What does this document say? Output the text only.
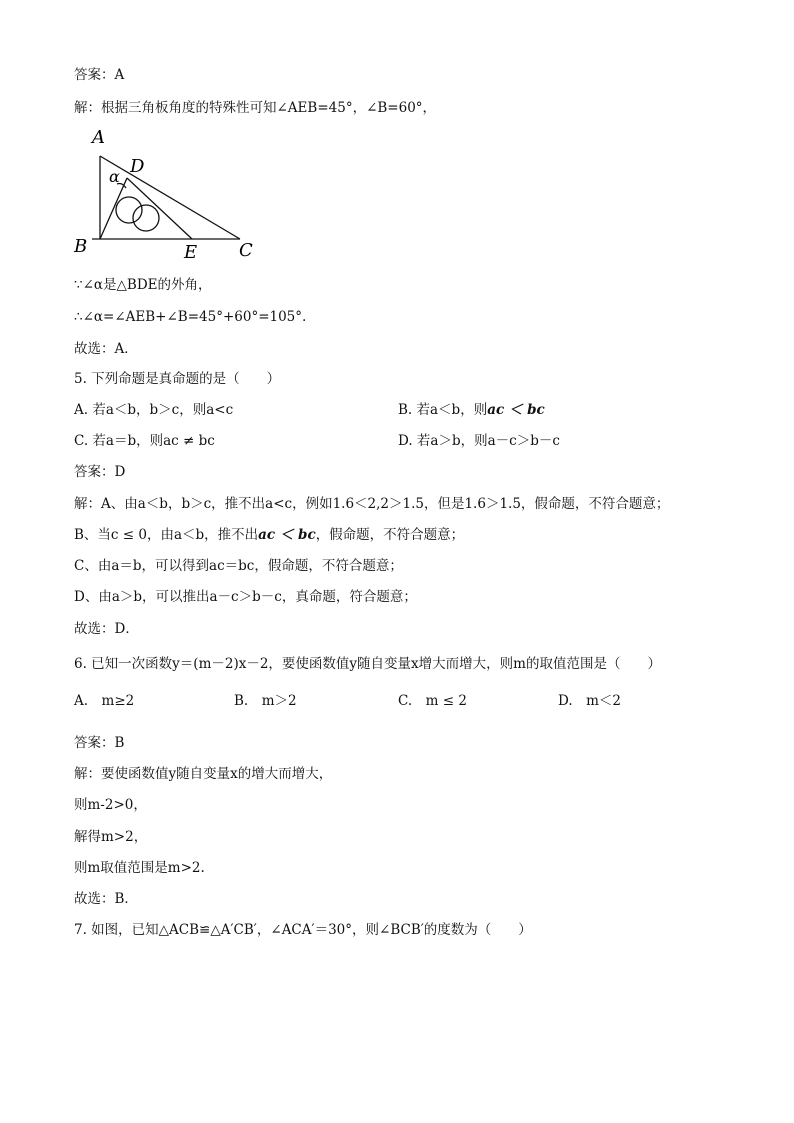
答案：A
解：根据三角板角度的特殊性可知∠AEB=45°，∠B=60°，
A
D
α
B	E C
∵∠α是△BDE的外角，
∴∠α=∠AEB+∠B=45°+60°=105°.
故选：A．
5. 下列命题是真命题的是（　　）
A. 若a＜b，b＞c，则a<c	B. 若a＜b，则ac ＜ bc
C. 若a＝b，则ac ≠ bc	D. 若a＞b，则a－c＞b－c
答案：D
解：A、由a＜b，b＞c，推不出a<c，例如1.6＜2,2＞1.5，但是1.6＞1.5，假命题，不符合题意；
B、当c ≤ 0，由a＜b，推不出ac ＜ bc，假命题，不符合题意；
C、由a＝b，可以得到ac＝bc，假命题，不符合题意；
D、由a＞b，可以推出a－c＞b－c，真命题，符合题意；
故选：D．
6. 已知一次函数y＝(m－2)x－2，要使函数值y随自变量x增大而增大，则m的取值范围是（　　）
A.　m≥2	B.　m＞2	C.　m ≤ 2	D.　m＜2
答案：B
解：要使函数值y随自变量x的增大而增大，
则m-2>0，
解得m>2，
则m取值范围是m>2.
故选：B．
7. 如图，已知△ACB≌△A′CB′，∠ACA′＝30°，则∠BCB′的度数为（　　）
